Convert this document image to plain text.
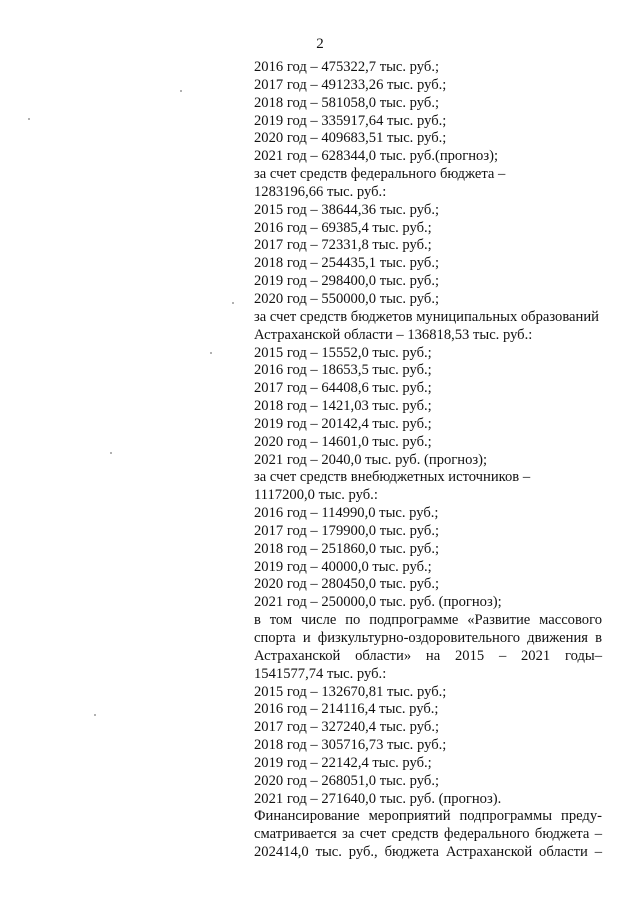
2
2016 год – 475322,7 тыс. руб.;
2017 год – 491233,26 тыс. руб.;
2018 год – 581058,0 тыс. руб.;
2019 год – 335917,64 тыс. руб.;
2020 год – 409683,51 тыс. руб.;
2021 год – 628344,0 тыс. руб.(прогноз);
за счет средств федерального бюджета –
1283196,66 тыс. руб.:
2015 год – 38644,36 тыс. руб.;
2016 год – 69385,4 тыс. руб.;
2017 год – 72331,8 тыс. руб.;
2018 год – 254435,1 тыс. руб.;
2019 год – 298400,0 тыс. руб.;
2020 год – 550000,0 тыс. руб.;
за счет средств бюджетов муниципальных образований
Астраханской области – 136818,53 тыс. руб.:
2015 год – 15552,0 тыс. руб.;
2016 год – 18653,5 тыс. руб.;
2017 год – 64408,6 тыс. руб.;
2018 год – 1421,03 тыс. руб.;
2019 год – 20142,4 тыс. руб.;
2020 год – 14601,0 тыс. руб.;
2021 год – 2040,0 тыс. руб. (прогноз);
за счет средств внебюджетных источников –
1117200,0 тыс. руб.:
2016 год – 114990,0 тыс. руб.;
2017 год – 179900,0 тыс. руб.;
2018 год – 251860,0 тыс. руб.;
2019 год – 40000,0 тыс. руб.;
2020 год – 280450,0 тыс. руб.;
2021 год – 250000,0 тыс. руб. (прогноз);
в том числе по подпрограмме «Развитие массового
спорта и физкультурно-оздоровительного движения в
Астраханской области» на 2015 – 2021 годы–
1541577,74 тыс. руб.:
2015 год – 132670,81 тыс. руб.;
2016 год – 214116,4 тыс. руб.;
2017 год – 327240,4 тыс. руб.;
2018 год – 305716,73 тыс. руб.;
2019 год – 22142,4 тыс. руб.;
2020 год – 268051,0 тыс. руб.;
2021 год – 271640,0 тыс. руб. (прогноз).
Финансирование мероприятий подпрограммы преду-
сматривается за счет средств федерального бюджета –
202414,0 тыс. руб., бюджета Астраханской области –
